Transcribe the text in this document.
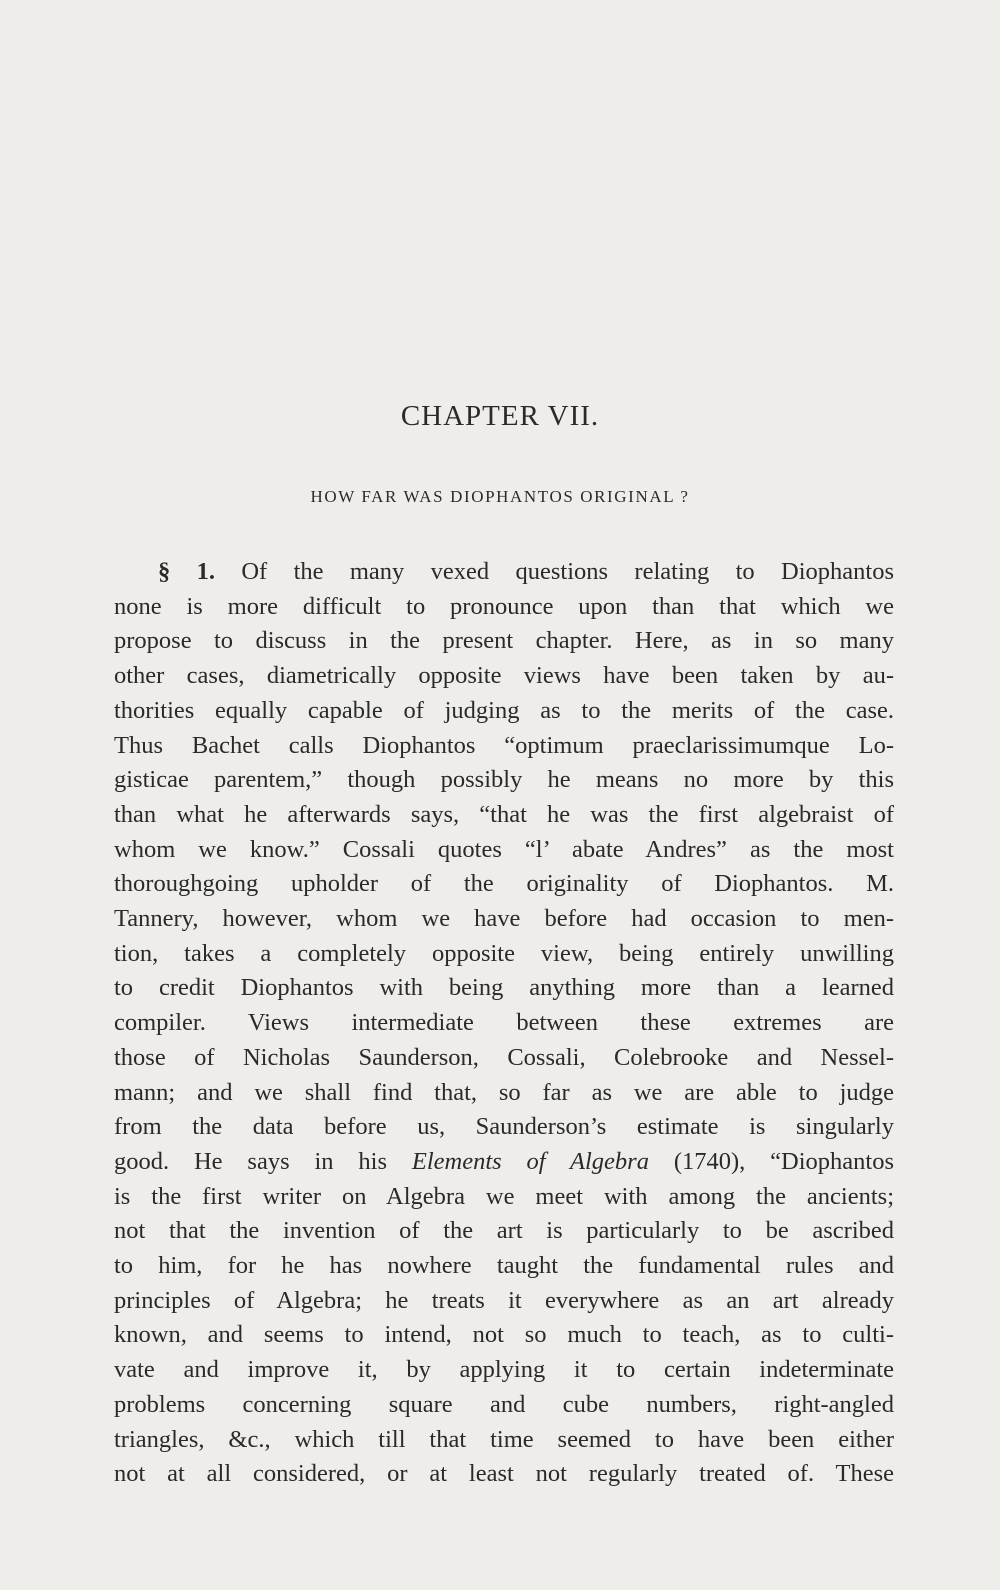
CHAPTER VII.
HOW FAR WAS DIOPHANTOS ORIGINAL ?
§ 1. Of the many vexed questions relating to Diophantos
none is more difficult to pronounce upon than that which we
propose to discuss in the present chapter. Here, as in so many
other cases, diametrically opposite views have been taken by au-
thorities equally capable of judging as to the merits of the case.
Thus Bachet calls Diophantos “optimum praeclarissimumque Lo-
gisticae parentem,” though possibly he means no more by this
than what he afterwards says, “that he was the first algebraist of
whom we know.” Cossali quotes “l’ abate Andres” as the most
thoroughgoing upholder of the originality of Diophantos. M.
Tannery, however, whom we have before had occasion to men-
tion, takes a completely opposite view, being entirely unwilling
to credit Diophantos with being anything more than a learned
compiler. Views intermediate between these extremes are
those of Nicholas Saunderson, Cossali, Colebrooke and Nessel-
mann; and we shall find that, so far as we are able to judge
from the data before us, Saunderson’s estimate is singularly
good. He says in his Elements of Algebra (1740), “Diophantos
is the first writer on Algebra we meet with among the ancients;
not that the invention of the art is particularly to be ascribed
to him, for he has nowhere taught the fundamental rules and
principles of Algebra; he treats it everywhere as an art already
known, and seems to intend, not so much to teach, as to culti-
vate and improve it, by applying it to certain indeterminate
problems concerning square and cube numbers, right-angled
triangles, &c., which till that time seemed to have been either
not at all considered, or at least not regularly treated of. These
